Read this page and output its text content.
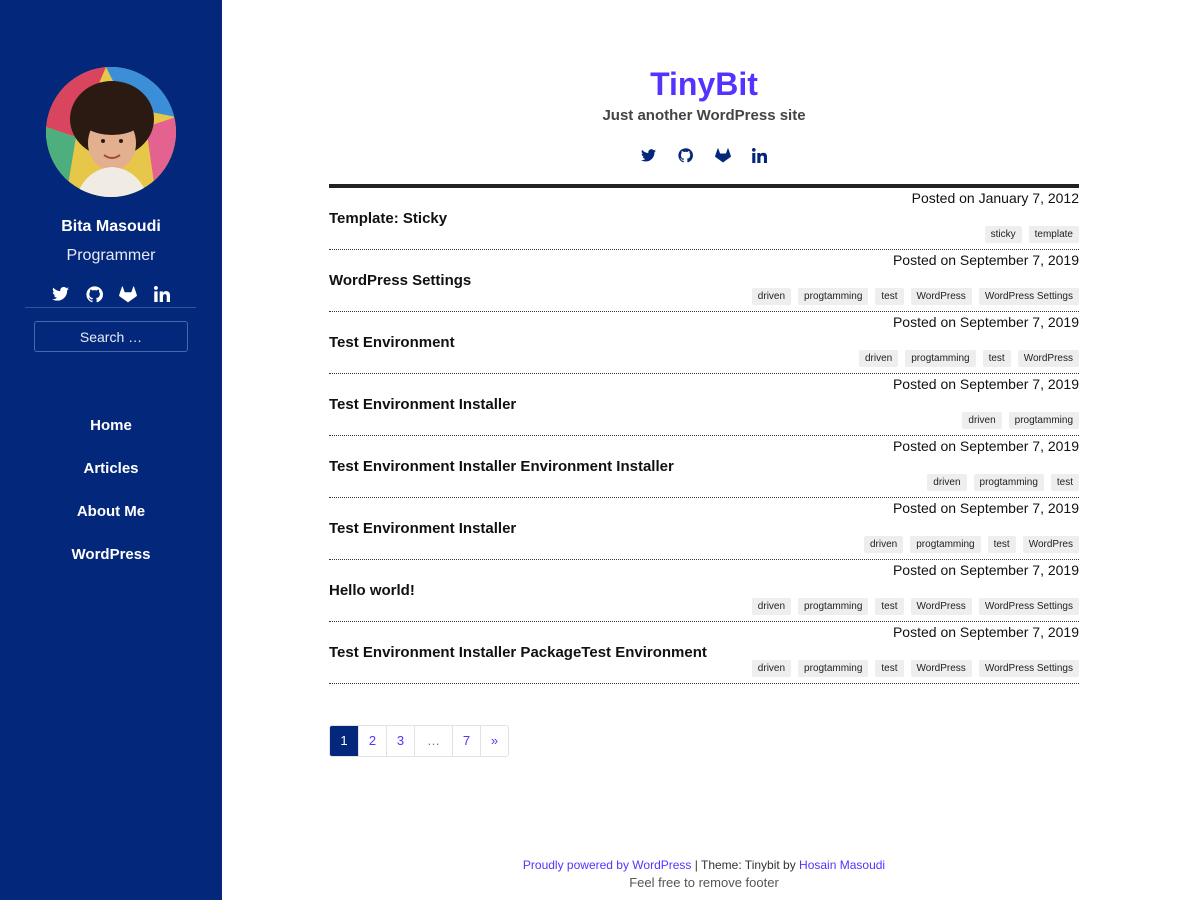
Bita Masoudi
Programmer
Search …
Home
Articles
About Me
WordPress
TinyBit
Just another WordPress site
Posted on January 7, 2012
Template: Sticky
sticky	template
Posted on September 7, 2019
WordPress Settings
driven	progtamming	test	WordPress	WordPress Settings
Posted on September 7, 2019
Test Environment
driven	progtamming	test	WordPress
Posted on September 7, 2019
Test Environment Installer
driven	progtamming
Posted on September 7, 2019
Test Environment Installer Environment Installer
driven	progtamming	test
Posted on September 7, 2019
Test Environment Installer
driven	progtamming	test	WordPres
Posted on September 7, 2019
Hello world!
driven	progtamming	test	WordPress	WordPress Settings
Posted on September 7, 2019
Test Environment Installer PackageTest Environment
driven	progtamming	test	WordPress	WordPress Settings
1	2	3	…	7	»
Proudly powered by WordPress | Theme: Tinybit by Hosain Masoudi
Feel free to remove footer
